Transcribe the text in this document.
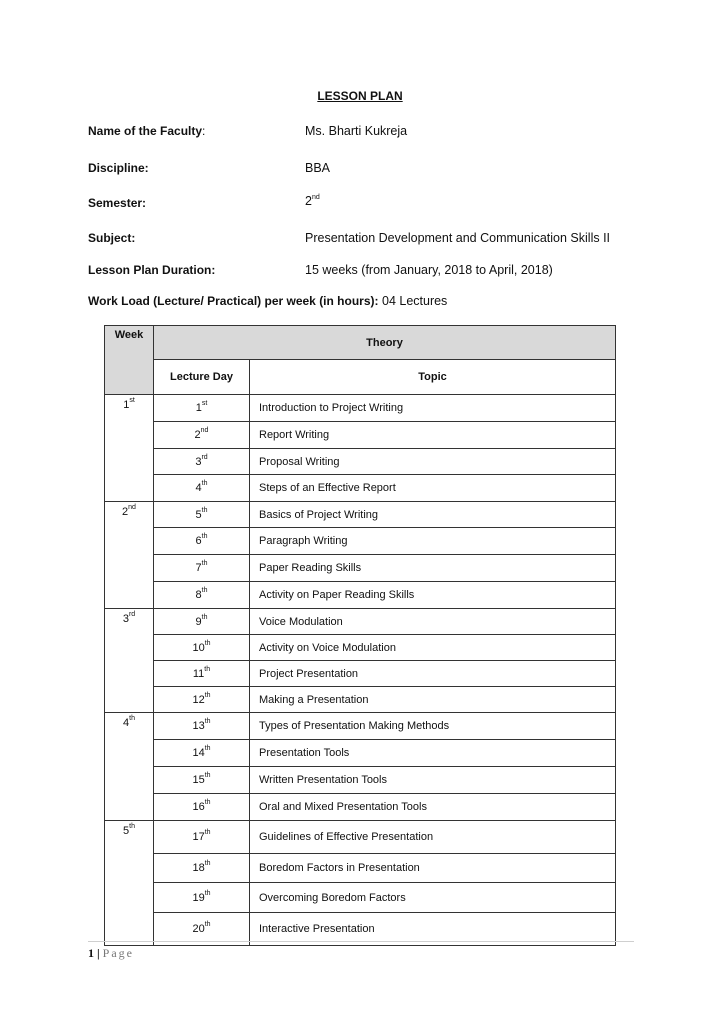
LESSON PLAN
Name of the Faculty:	Ms. Bharti Kukreja
Discipline:	BBA
Semester:	2nd
Subject:	Presentation Development and Communication Skills II
Lesson Plan Duration:	15 weeks (from January, 2018 to April, 2018)
Work Load (Lecture/ Practical) per week (in hours): 04 Lectures
Week	Theory	
	Lecture Day	Topic
1st	1st	Introduction to Project Writing
	2nd	Report Writing
	3rd	Proposal Writing
	4th	Steps of an Effective Report
2nd	5th	Basics of Project Writing
	6th	Paragraph Writing
	7th	Paper Reading Skills
	8th	Activity on Paper Reading Skills
3rd	9th	Voice Modulation
	10th	Activity on Voice Modulation
	11th	Project Presentation
	12th	Making a Presentation
4th	13th	Types of Presentation Making Methods
	14th	Presentation Tools
	15th	Written Presentation Tools
	16th	Oral and Mixed Presentation Tools
5th	17th	Guidelines of Effective Presentation
	18th	Boredom Factors in Presentation
	19th	Overcoming Boredom Factors
	20th	Interactive Presentation
1 | Page
